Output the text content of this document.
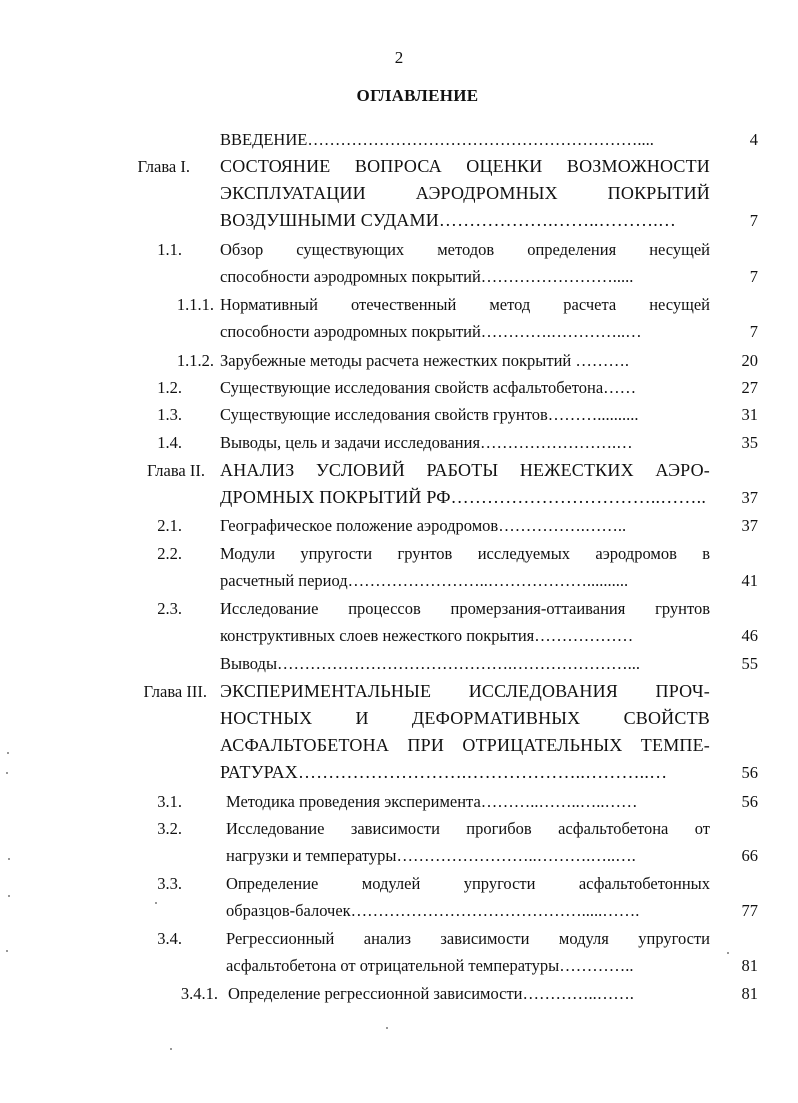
2
ОГЛАВЛЕНИЕ
ВВЕДЕНИЕ……………………………………………………....	4
Глава I. СОСТОЯНИЕ ВОПРОСА ОЦЕНКИ ВОЗМОЖНОСТИ
ЭКСПЛУАТАЦИИ АЭРОДРОМНЫХ ПОКРЫТИЙ
ВОЗДУШНЫМИ СУДАМИ……………….……..……….…	7
1.1. Обзор существующих методов определения несущей
способности аэродромных покрытий…………………….....	7
1.1.1. Нормативный отечественный метод расчета несущей
способности аэродромных покрытий………….…………..…	7
1.1.2. Зарубежные методы расчета нежестких покрытий ……….	20
1.2. Существующие исследования свойств асфальтобетона……	27
1.3. Существующие исследования свойств грунтов………..........	31
1.4. Выводы, цель и задачи исследования…………………….…	35
Глава II. АНАЛИЗ УСЛОВИЙ РАБОТЫ НЕЖЕСТКИХ АЭРО-
ДРОМНЫХ ПОКРЫТИЙ РФ……………………………..……..	37
2.1. Географическое положение аэродромов…………….……..	37
2.2. Модули упругости грунтов исследуемых аэродромов в
расчетный период……………………..………………..........	41
2.3. Исследование процессов промерзания-оттаивания грунтов
конструктивных слоев нежесткого покрытия………………	46
Выводы…………………………………….…………………...	55
Глава III. ЭКСПЕРИМЕНТАЛЬНЫЕ ИССЛЕДОВАНИЯ ПРОЧ-
НОСТНЫХ И ДЕФОРМАТИВНЫХ СВОЙСТВ
АСФАЛЬТОБЕТОНА ПРИ ОТРИЦАТЕЛЬНЫХ ТЕМПЕ-
РАТУРАХ……………………….………………..………..…	56
3.1.	Методика проведения эксперимента………..……..…..……	56
3.2.	Исследование зависимости прогибов асфальтобетона от
нагрузки и температуры……………………..……….…..….	66
3.3.	Определение модулей упругости асфальтобетонных
образцов-балочек…………………………………….....…….	77
3.4.	Регрессионный анализ зависимости модуля упругости
асфальтобетона от отрицательной температуры…………..	81
3.4.1. Определение регрессионной зависимости…………..…….	81
